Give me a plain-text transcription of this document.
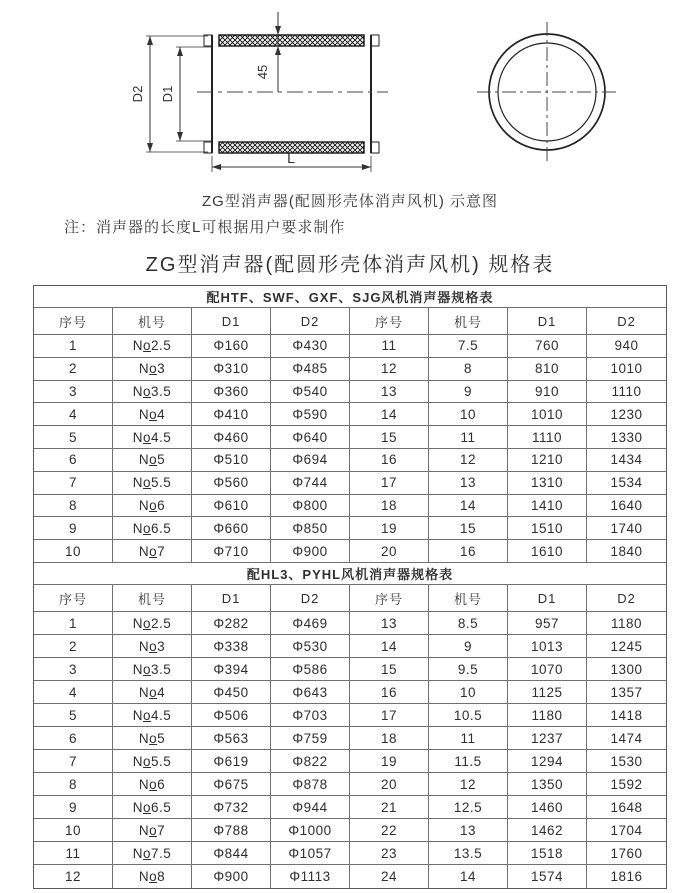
D2 D1
45
L
ZG型消声器(配圆形壳体消声风机) 示意图
注：消声器的长度L可根据用户要求制作
ZG型消声器(配圆形壳体消声风机) 规格表
配HTF、SWF、GXF、SJG风机消声器规格表
序号	机号	D1	D2	序号	机号	D1	D2
1	N o 2.5	Φ160	Φ430	11	7.5	760	940
2	N o 3	Φ310	Φ485	12	8	810	1010
3	N o 3.5	Φ360	Φ540	13	9	910	1110
4	N o 4	Φ410	Φ590	14	10	1010	1230
5	N o 4.5	Φ460	Φ640	15	11	1110	1330
6	N o 5	Φ510	Φ694	16	12	1210	1434
7	N o 5.5	Φ560	Φ744	17	13	1310	1534
8	N o 6	Φ610	Φ800	18	14	1410	1640
9	N o 6.5	Φ660	Φ850	19	15	1510	1740
10	N o 7	Φ710	Φ900	20	16	1610	1840
配HL3、PYHL风机消声器规格表
序号	机号	D1	D2	序号	机号	D1	D2
1	N o 2.5	Φ282	Φ469	13	8.5	957	1180
2	N o 3	Φ338	Φ530	14	9	1013	1245
3	N o 3.5	Φ394	Φ586	15	9.5	1070	1300
4	N o 4	Φ450	Φ643	16	10	1125	1357
5	N o 4.5	Φ506	Φ703	17	10.5	1180	1418
6	N o 5	Φ563	Φ759	18	11	1237	1474
7	N o 5.5	Φ619	Φ822	19	11.5	1294	1530
8	N o 6	Φ675	Φ878	20	12	1350	1592
9	N o 6.5	Φ732	Φ944	21	12.5	1460	1648
10	N o 7	Φ788	Φ1000	22	13	1462	1704
11	N o 7.5	Φ844	Φ1057	23	13.5	1518	1760
12	N o 8	Φ900	Φ1113	24	14	1574	1816
